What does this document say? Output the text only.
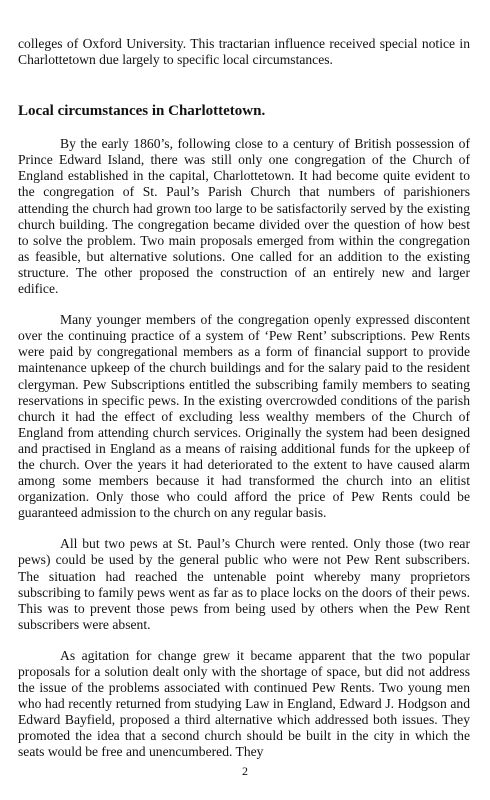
colleges of Oxford University. This tractarian influence received special notice in Charlottetown due largely to specific local circumstances.

Local circumstances in Charlottetown.

By the early 1860’s, following close to a century of British possession of Prince Edward Island, there was still only one congregation of the Church of England established in the capital, Charlottetown. It had become quite evident to the congregation of St. Paul’s Parish Church that numbers of parishioners attending the church had grown too large to be satisfactorily served by the existing church building. The congregation became divided over the question of how best to solve the problem. Two main proposals emerged from within the congregation as feasible, but alternative solutions. One called for an addition to the existing structure. The other proposed the construction of an entirely new and larger edifice.

Many younger members of the congregation openly expressed discontent over the continuing practice of a system of ‘Pew Rent’ subscriptions. Pew Rents were paid by congregational members as a form of financial support to provide maintenance upkeep of the church buildings and for the salary paid to the resident clergyman. Pew Subscriptions entitled the subscribing family members to seating reservations in specific pews. In the existing overcrowded conditions of the parish church it had the effect of excluding less wealthy members of the Church of England from attending church services. Originally the system had been designed and practised in England as a means of raising additional funds for the upkeep of the church. Over the years it had deteriorated to the extent to have caused alarm among some members because it had transformed the church into an elitist organization. Only those who could afford the price of Pew Rents could be guaranteed admission to the church on any regular basis.

All but two pews at St. Paul’s Church were rented. Only those (two rear pews) could be used by the general public who were not Pew Rent subscribers. The situation had reached the untenable point whereby many proprietors subscribing to family pews went as far as to place locks on the doors of their pews. This was to prevent those pews from being used by others when the Pew Rent subscribers were absent.

As agitation for change grew it became apparent that the two popular proposals for a solution dealt only with the shortage of space, but did not address the issue of the problems associated with continued Pew Rents. Two young men who had recently returned from studying Law in England, Edward J. Hodgson and Edward Bayfield, proposed a third alternative which addressed both issues. They promoted the idea that a second church should be built in the city in which the seats would be free and unencumbered. They

2
